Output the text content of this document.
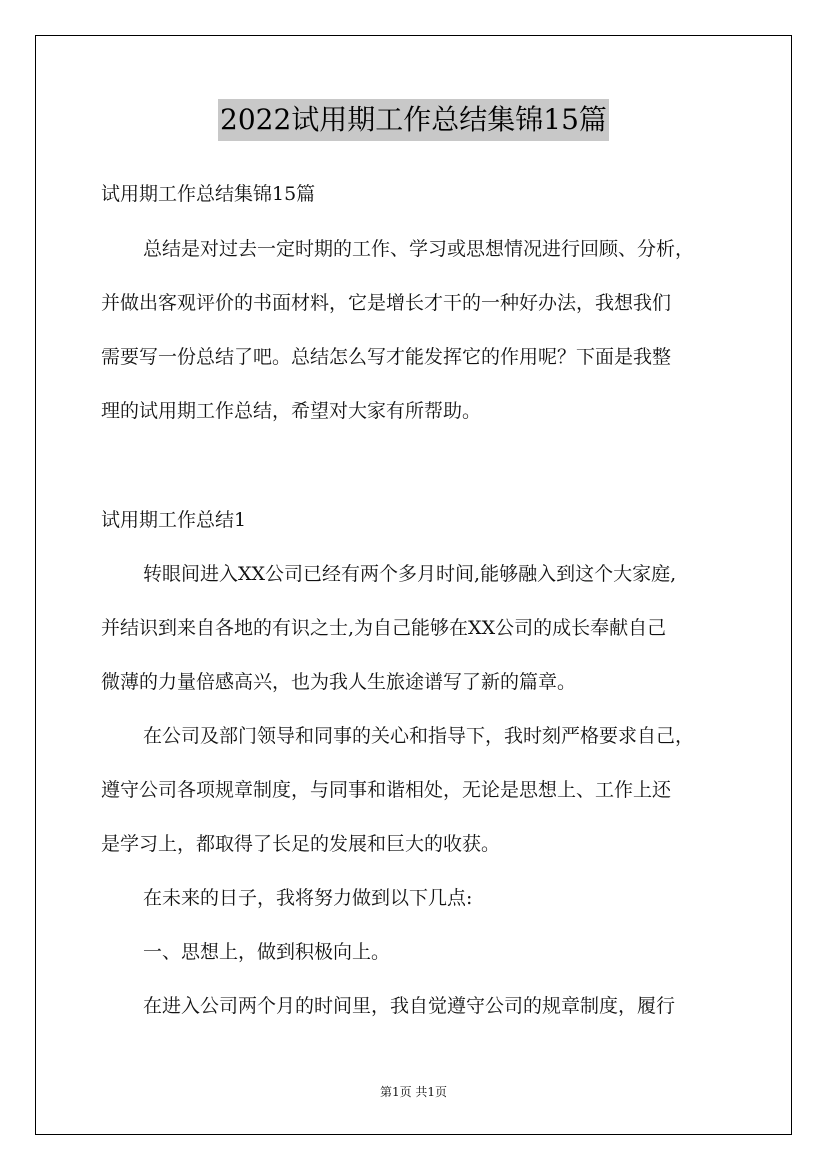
2022试用期工作总结集锦15篇
试用期工作总结集锦15篇
总结是对过去一定时期的工作、学习或思想情况进行回顾、分析，
并做出客观评价的书面材料，它是增长才干的一种好办法，我想我们
需要写一份总结了吧。总结怎么写才能发挥它的作用呢？下面是我整
理的试用期工作总结，希望对大家有所帮助。
试用期工作总结1
转眼间进入XX公司已经有两个多月时间,能够融入到这个大家庭,
并结识到来自各地的有识之士,为自己能够在XX公司的成长奉献自己
微薄的力量倍感高兴，也为我人生旅途谱写了新的篇章。
在公司及部门领导和同事的关心和指导下，我时刻严格要求自己，
遵守公司各项规章制度，与同事和谐相处，无论是思想上、工作上还
是学习上，都取得了长足的发展和巨大的收获。
在未来的日子，我将努力做到以下几点:
一、思想上，做到积极向上。
在进入公司两个月的时间里，我自觉遵守公司的规章制度，履行
第1页 共1页
